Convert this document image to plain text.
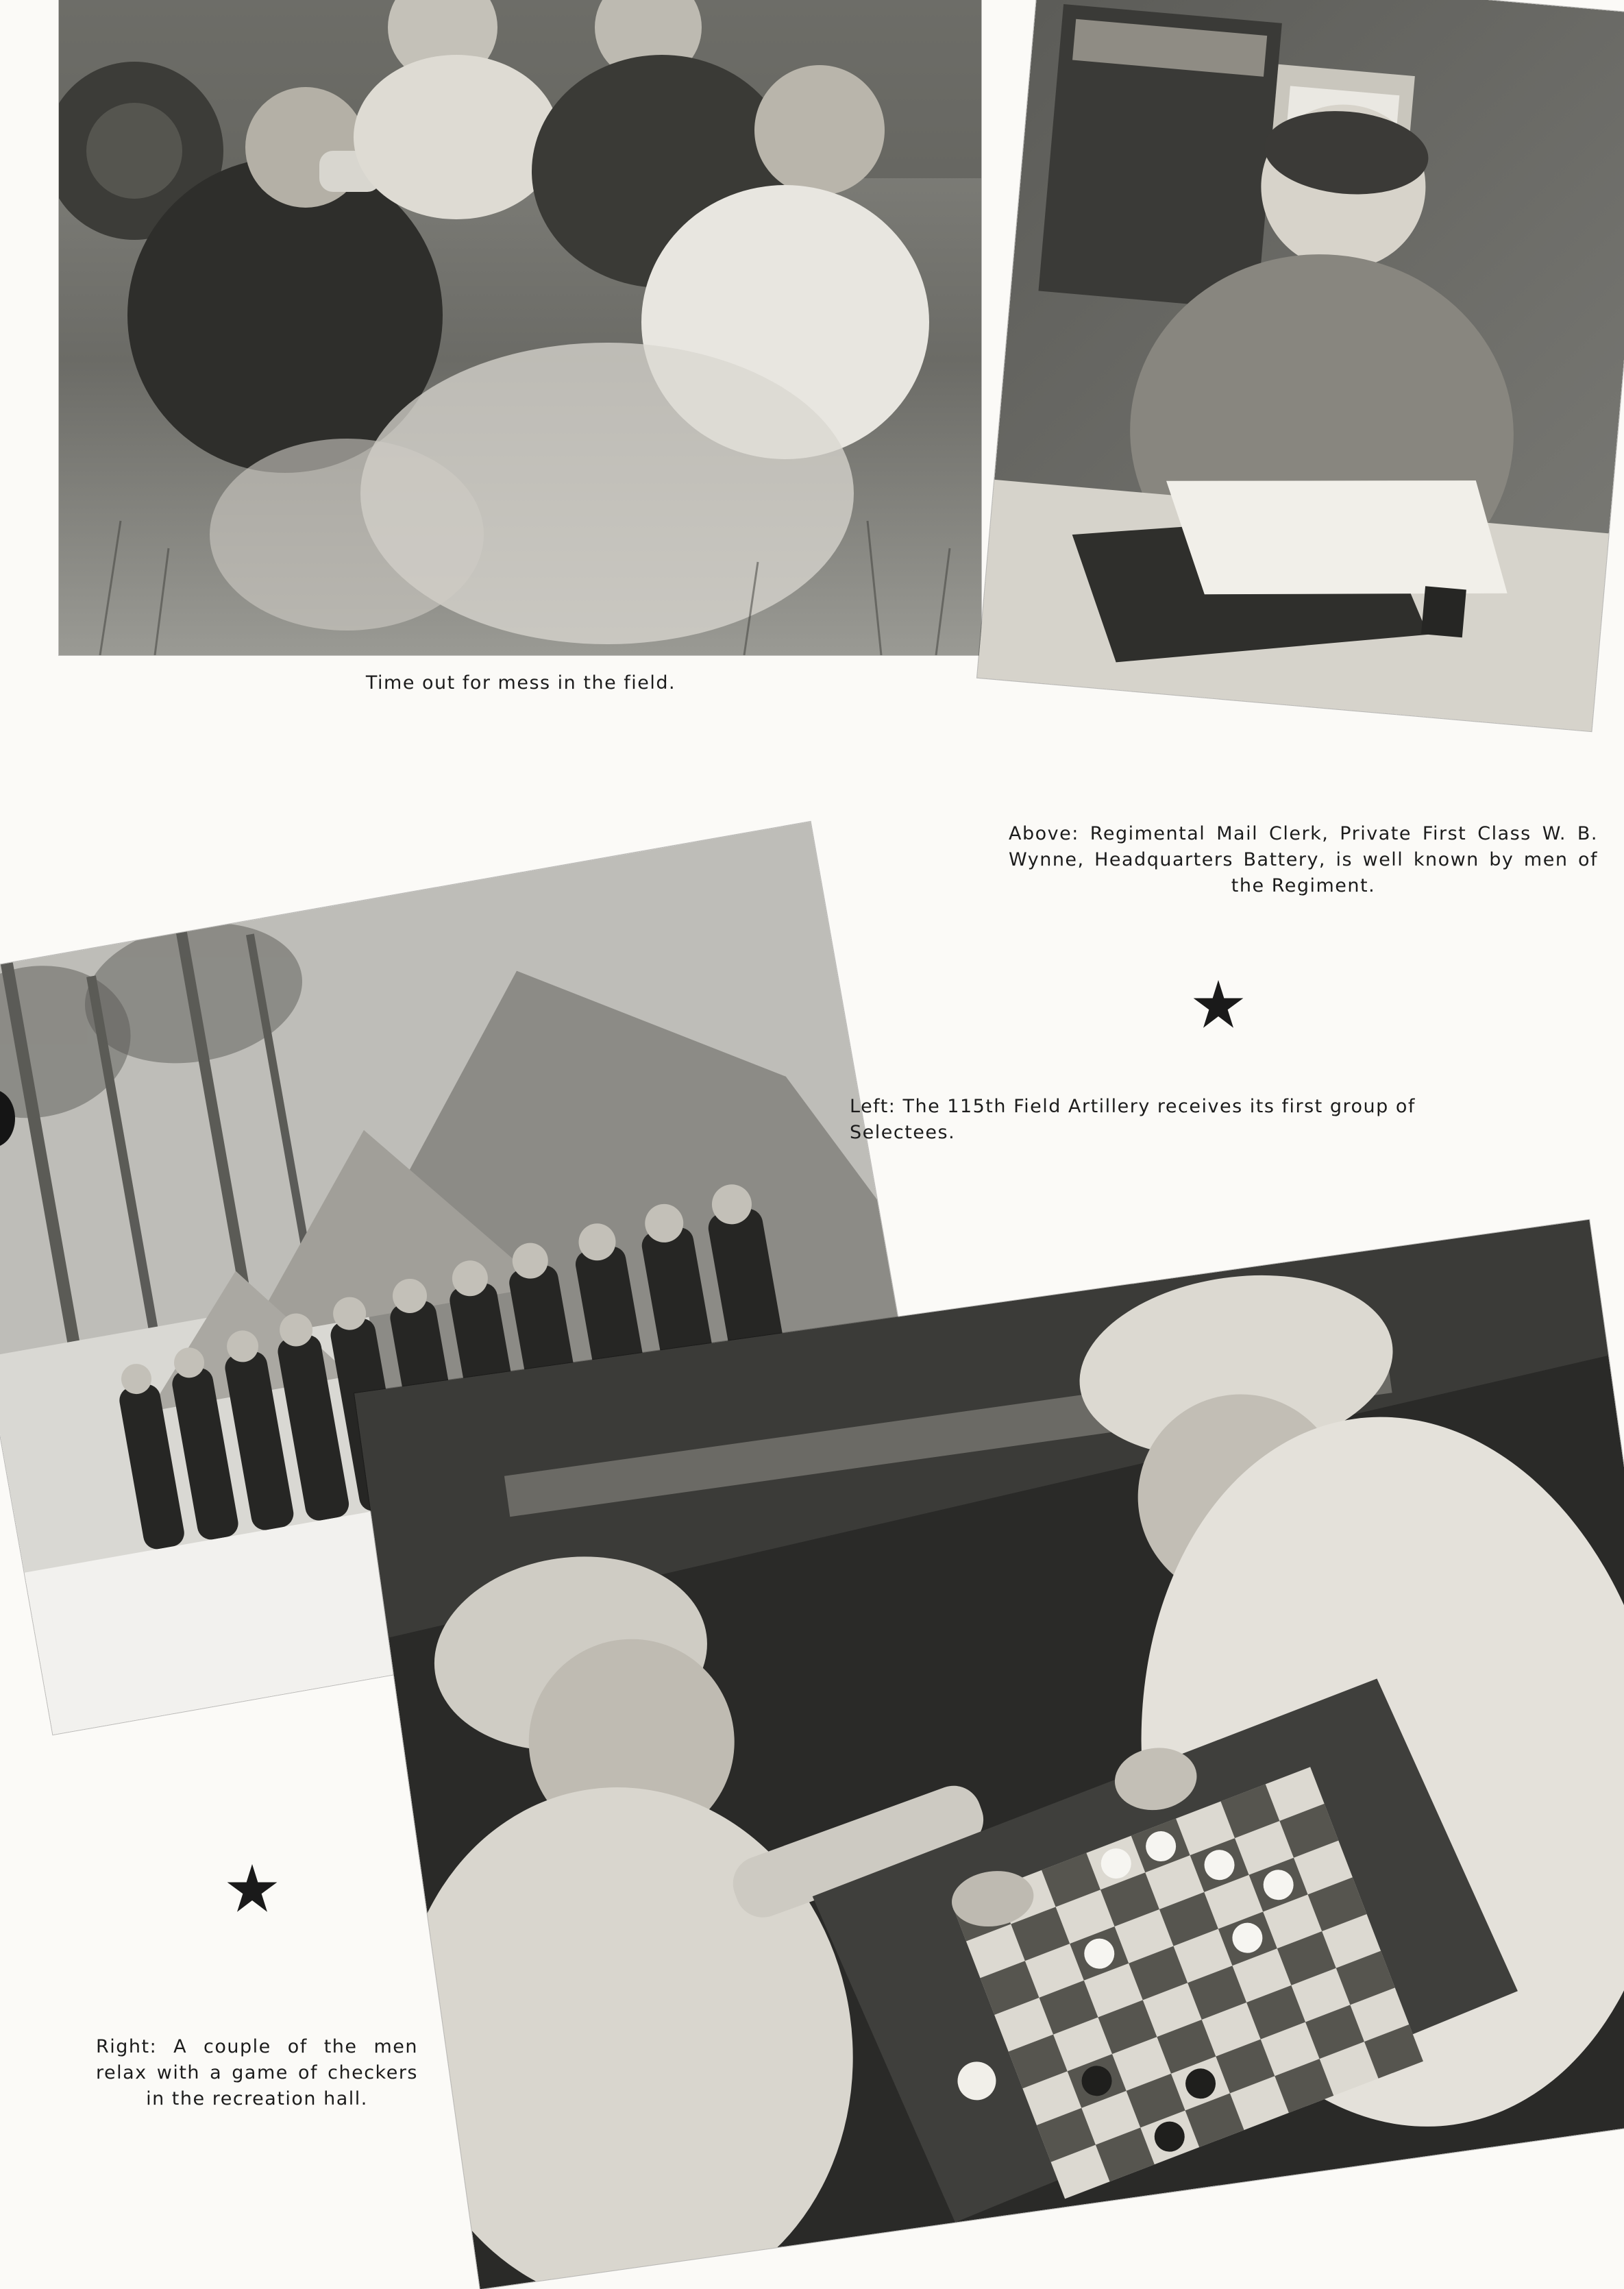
Time out for mess in the field.

Above: Regimental Mail Clerk, Private First Class W. B. Wynne, Headquarters Battery, is well known by men of the Regiment.

Left: The 115th Field Artillery receives its first group of Selectees.

Right: A couple of the men relax with a game of checkers in the recreation hall.
